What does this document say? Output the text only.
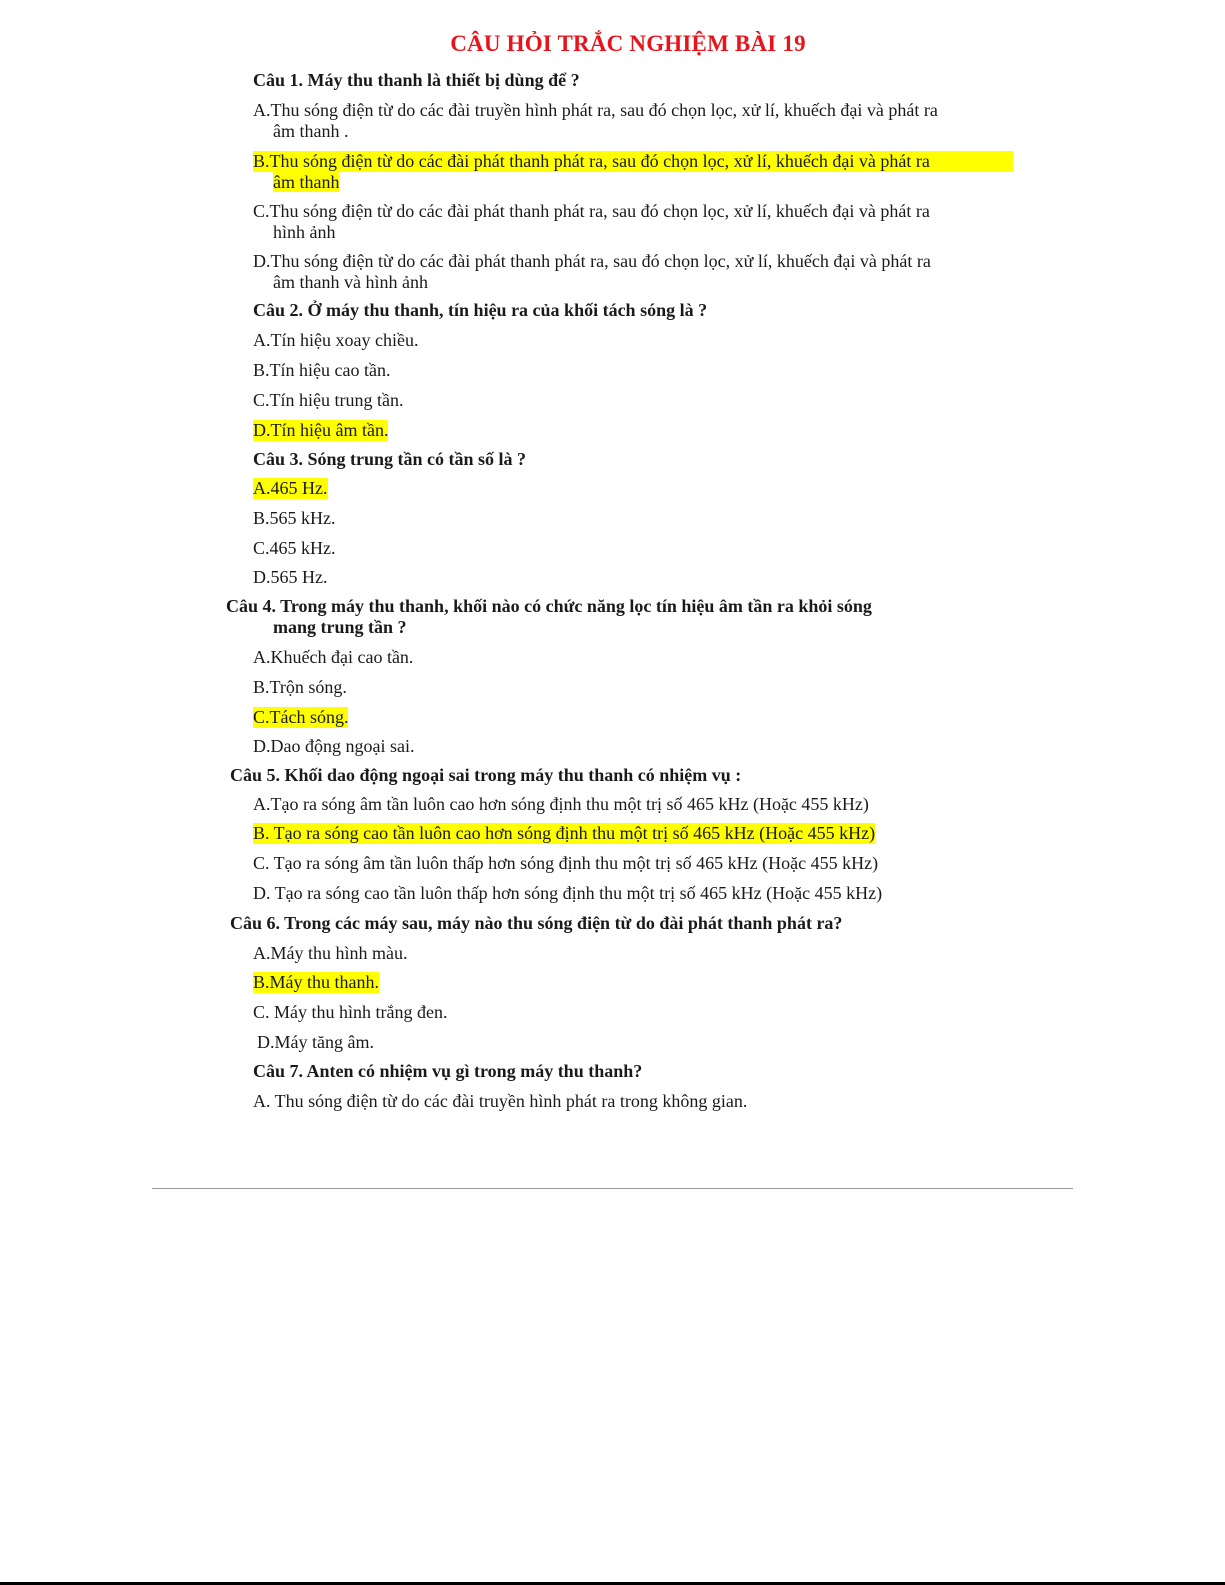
CÂU HỎI TRẮC NGHIỆM BÀI 19
Câu 1. Máy thu thanh là thiết bị dùng để ?
A.Thu sóng điện từ do các đài truyền hình phát ra, sau đó chọn lọc, xử lí, khuếch đại và phát ra
âm thanh .
B.Thu sóng điện từ do các đài phát thanh phát ra, sau đó chọn lọc, xử lí, khuếch đại và phát ra
âm thanh
C.Thu sóng điện từ do các đài phát thanh phát ra, sau đó chọn lọc, xử lí, khuếch đại và phát ra
hình ảnh
D.Thu sóng điện từ do các đài phát thanh phát ra, sau đó chọn lọc, xử lí, khuếch đại và phát ra
âm thanh và hình ảnh
Câu 2. Ở máy thu thanh, tín hiệu ra của khối tách sóng là ?
A.Tín hiệu xoay chiều.
B.Tín hiệu cao tần.
C.Tín hiệu trung tần.
D.Tín hiệu âm tần.
Câu 3. Sóng trung tần có tần số là ?
A.465 Hz.
B.565 kHz.
C.465 kHz.
D.565 Hz.
Câu 4. Trong máy thu thanh, khối nào có chức năng lọc tín hiệu âm tần ra khỏi sóng
mang trung tần ?
A.Khuếch đại cao tần.
B.Trộn sóng.
C.Tách sóng.
D.Dao động ngoại sai.
Câu 5. Khối dao động ngoại sai trong máy thu thanh có nhiệm vụ :
A.Tạo ra sóng âm tần luôn cao hơn sóng định thu một trị số 465 kHz (Hoặc 455 kHz)
B. Tạo ra sóng cao tần luôn cao hơn sóng định thu một trị số 465 kHz (Hoặc 455 kHz)
C. Tạo ra sóng âm tần luôn thấp hơn sóng định thu một trị số 465 kHz (Hoặc 455 kHz)
D. Tạo ra sóng cao tần luôn thấp hơn sóng định thu một trị số 465 kHz (Hoặc 455 kHz)
Câu 6. Trong các máy sau, máy nào thu sóng điện từ do đài phát thanh phát ra?
A.Máy thu hình màu.
B.Máy thu thanh.
C. Máy thu hình trắng đen.
D.Máy tăng âm.
Câu 7. Anten có nhiệm vụ gì trong máy thu thanh?
A. Thu sóng điện từ do các đài truyền hình phát ra trong không gian.
